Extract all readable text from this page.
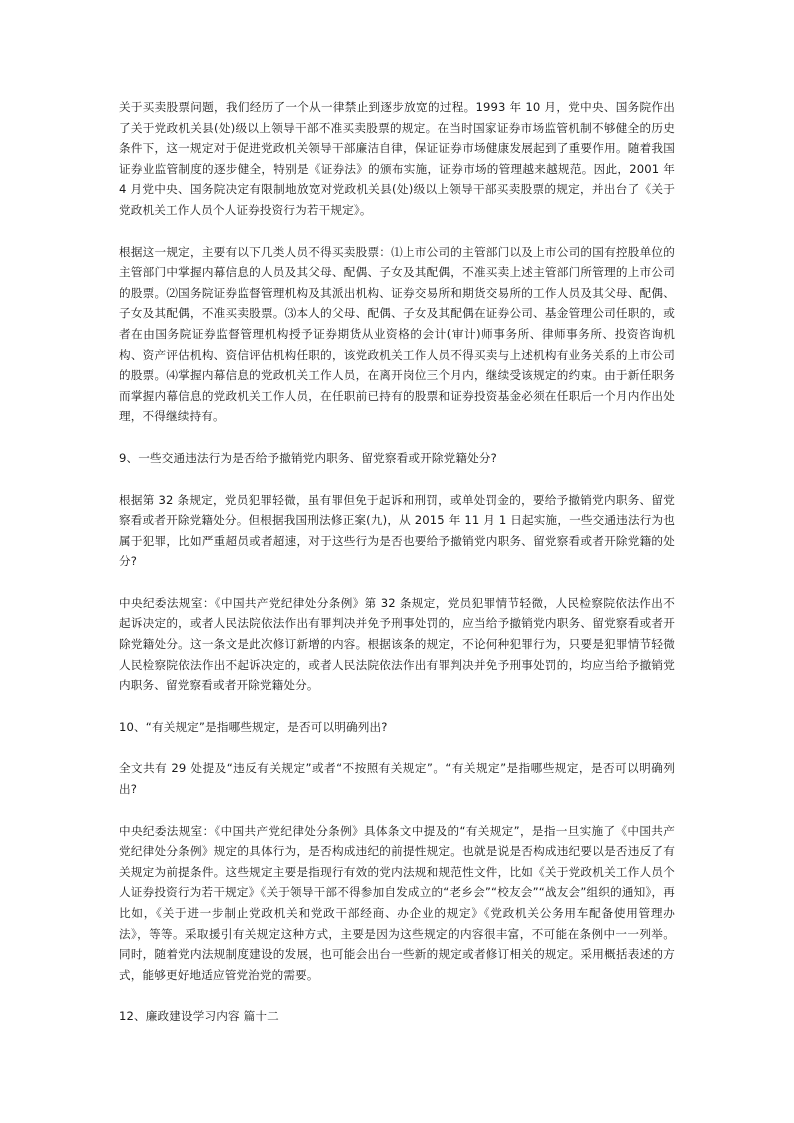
关于买卖股票问题，我们经历了一个从一律禁止到逐步放宽的过程。1993 年 10 月，党中央、国务院作出了关于党政机关县(处)级以上领导干部不准买卖股票的规定。在当时国家证券市场监管机制不够健全的历史条件下，这一规定对于促进党政机关领导干部廉洁自律，保证证券市场健康发展起到了重要作用。随着我国证券业监管制度的逐步健全，特别是《证券法》的颁布实施，证券市场的管理越来越规范。因此，2001 年 4 月党中央、国务院决定有限制地放宽对党政机关县(处)级以上领导干部买卖股票的规定，并出台了《关于党政机关工作人员个人证券投资行为若干规定》。

根据这一规定，主要有以下几类人员不得买卖股票：⑴上市公司的主管部门以及上市公司的国有控股单位的主管部门中掌握内幕信息的人员及其父母、配偶、子女及其配偶，不准买卖上述主管部门所管理的上市公司的股票。⑵国务院证券监督管理机构及其派出机构、证券交易所和期货交易所的工作人员及其父母、配偶、子女及其配偶，不准买卖股票。⑶本人的父母、配偶、子女及其配偶在证券公司、基金管理公司任职的，或者在由国务院证券监督管理机构授予证券期货从业资格的会计(审计)师事务所、律师事务所、投资咨询机构、资产评估机构、资信评估机构任职的，该党政机关工作人员不得买卖与上述机构有业务关系的上市公司的股票。⑷掌握内幕信息的党政机关工作人员，在离开岗位三个月内，继续受该规定的约束。由于新任职务而掌握内幕信息的党政机关工作人员，在任职前已持有的股票和证券投资基金必须在任职后一个月内作出处理，不得继续持有。

9、一些交通违法行为是否给予撤销党内职务、留党察看或开除党籍处分?

根据第 32 条规定，党员犯罪轻微，虽有罪但免于起诉和刑罚，或单处罚金的，要给予撤销党内职务、留党察看或者开除党籍处分。但根据我国刑法修正案(九)，从 2015 年 11 月 1 日起实施，一些交通违法行为也属于犯罪，比如严重超员或者超速，对于这些行为是否也要给予撤销党内职务、留党察看或者开除党籍的处分?

中央纪委法规室：《中国共产党纪律处分条例》第 32 条规定，党员犯罪情节轻微，人民检察院依法作出不起诉决定的，或者人民法院依法作出有罪判决并免予刑事处罚的，应当给予撤销党内职务、留党察看或者开除党籍处分。这一条文是此次修订新增的内容。根据该条的规定，不论何种犯罪行为，只要是犯罪情节轻微人民检察院依法作出不起诉决定的，或者人民法院依法作出有罪判决并免予刑事处罚的，均应当给予撤销党内职务、留党察看或者开除党籍处分。

10、“有关规定”是指哪些规定，是否可以明确列出?

全文共有 29 处提及“违反有关规定”或者“不按照有关规定”。“有关规定”是指哪些规定，是否可以明确列出?

中央纪委法规室：《中国共产党纪律处分条例》具体条文中提及的“有关规定”，是指一旦实施了《中国共产党纪律处分条例》规定的具体行为，是否构成违纪的前提性规定。也就是说是否构成违纪要以是否违反了有关规定为前提条件。这些规定主要是指现行有效的党内法规和规范性文件，比如《关于党政机关工作人员个人证券投资行为若干规定》《关于领导干部不得参加自发成立的“老乡会”“校友会”“战友会”组织的通知》，再比如，《关于进一步制止党政机关和党政干部经商、办企业的规定》《党政机关公务用车配备使用管理办法》，等等。采取援引有关规定这种方式，主要是因为这些规定的内容很丰富，不可能在条例中一一列举。同时，随着党内法规制度建设的发展，也可能会出台一些新的规定或者修订相关的规定。采用概括表述的方式，能够更好地适应管党治党的需要。

12、廉政建设学习内容 篇十二
